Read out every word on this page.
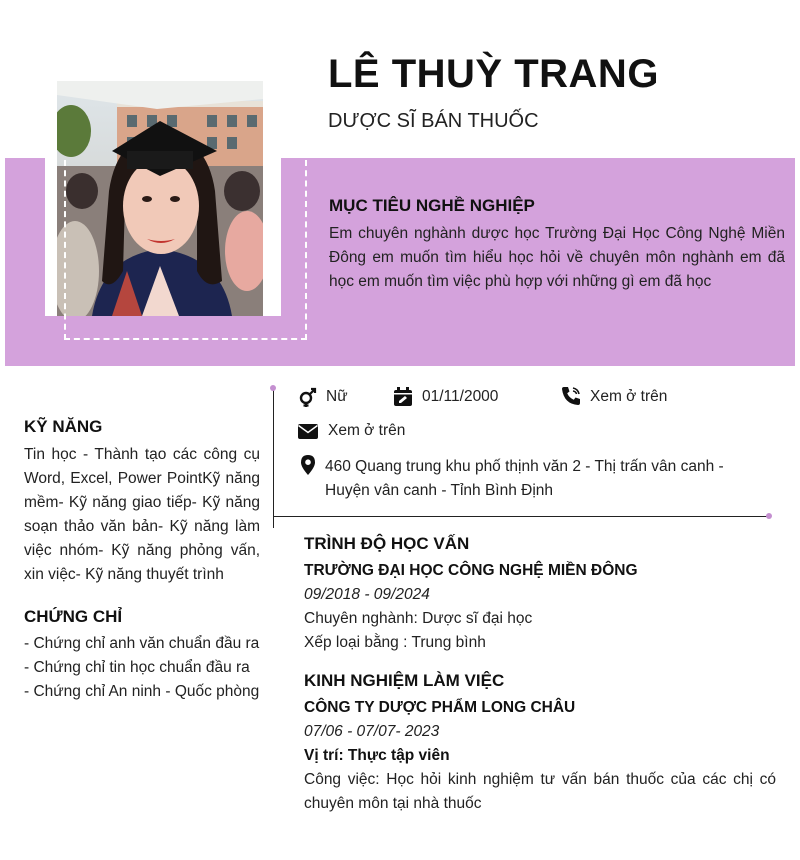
LÊ THUỲ TRANG
DƯỢC SĨ BÁN THUỐC
MỤC TIÊU NGHỀ NGHIỆP
Em chuyên nghành dược học Trường Đại Học Công Nghệ Miền Đông em muốn tìm hiểu học hỏi về chuyên môn nghành em đã học em muốn tìm việc phù hợp với những gì em đã học
Nữ	01/11/2000	Xem ở trên
Xem ở trên
460 Quang trung khu phố thịnh văn 2 - Thị trấn vân canh - Huyện vân canh - Tỉnh Bình Định
KỸ NĂNG
Tin học - Thành tạo các công cụ Word, Excel, Power PointKỹ năng mềm- Kỹ năng giao tiếp- Kỹ năng soạn thảo văn bản- Kỹ năng làm việc nhóm- Kỹ năng phỏng vấn, xin việc- Kỹ năng thuyết trình
CHỨNG CHỈ
- Chứng chỉ anh văn chuẩn đầu ra
- Chứng chỉ tin học chuẩn đầu ra
- Chứng chỉ An ninh - Quốc phòng
TRÌNH ĐỘ HỌC VẤN
TRƯỜNG ĐẠI HỌC CÔNG NGHỆ MIỀN ĐÔNG
09/2018 - 09/2024
Chuyên nghành: Dược sĩ đại học
Xếp loại bằng : Trung bình
KINH NGHIỆM LÀM VIỆC
CÔNG TY DƯỢC PHẨM LONG CHÂU
07/06 - 07/07- 2023
Vị trí: Thực tập viên
Công việc: Học hỏi kinh nghiệm tư vấn bán thuốc của các chị có chuyên môn tại nhà thuốc
